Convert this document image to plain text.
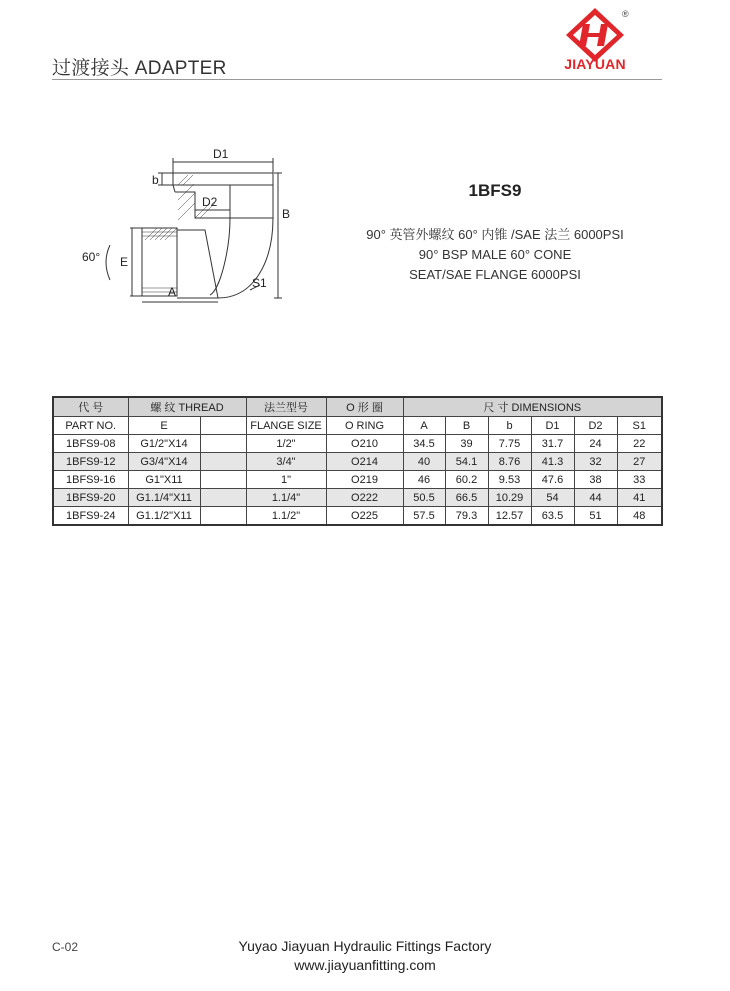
过渡接头 ADAPTER
®
JIAYUAN
D1
D2
b
B
E
A
S1
60°
1BFS9
90° 英管外螺纹 60° 内锥 /SAE 法兰 6000PSI
90° BSP MALE 60° CONE
SEAT/SAE FLANGE 6000PSI
代 号	螺 纹 THREAD		法兰型号	O 形 圈	尺 寸 DIMENSIONS					
PART NO.	E		FLANGE SIZE	O RING	A	B	b	D1	D2	S1
1BFS9-08	G1/2"X14		1/2"	O210	34.5	39	7.75	31.7	24	22
1BFS9-12	G3/4"X14		3/4"	O214	40	54.1	8.76	41.3	32	27
1BFS9-16	G1"X11		1"	O219	46	60.2	9.53	47.6	38	33
1BFS9-20	G1.1/4"X11		1.1/4"	O222	50.5	66.5	10.29	54	44	41
1BFS9-24	G1.1/2"X11		1.1/2"	O225	57.5	79.3	12.57	63.5	51	48
C-02	Yuyao Jiayuan Hydraulic Fittings Factory
www.jiayuanfitting.com
